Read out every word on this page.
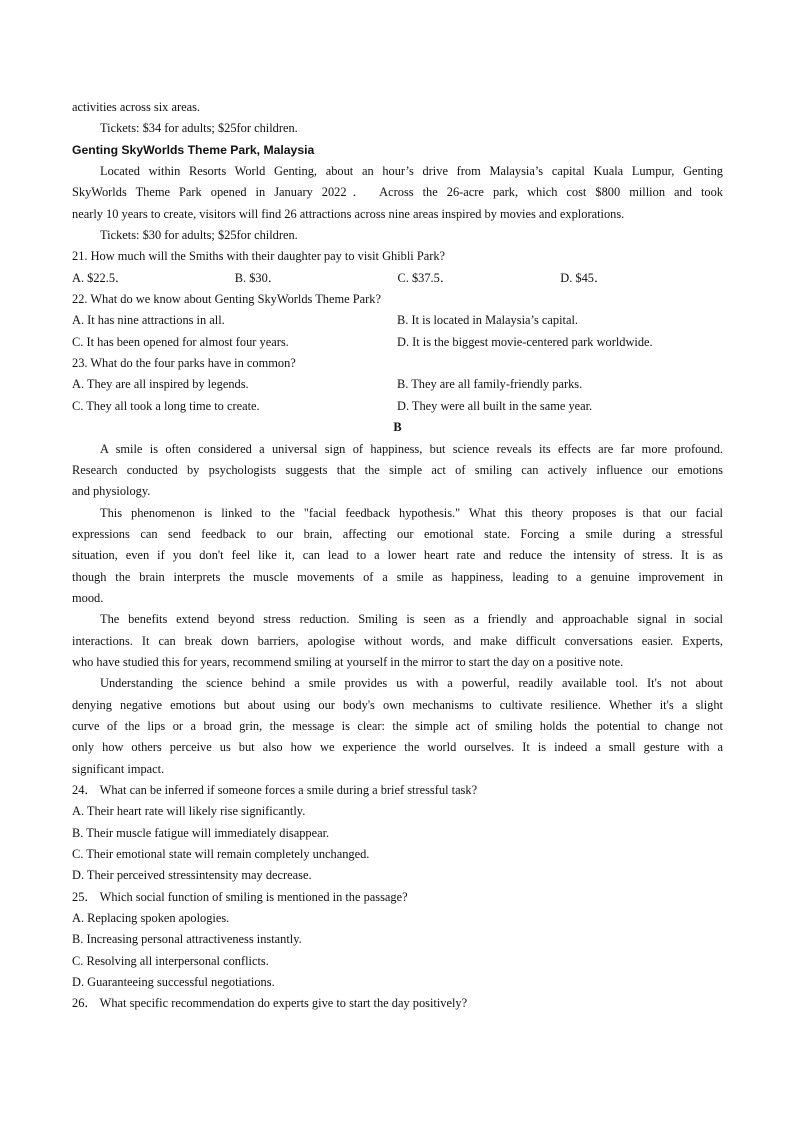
activities across six areas.
Tickets: $34 for adults; $25for children.
Genting SkyWorlds Theme Park, Malaysia
Located within Resorts World Genting, about an hour’s drive from Malaysia’s capital Kuala Lumpur, Genting
SkyWorlds Theme Park opened in January 2022． Across the 26-acre park, which cost $800 million and took
nearly 10 years to create, visitors will find 26 attractions across nine areas inspired by movies and explorations.
Tickets: $30 for adults; $25for children.
21. How much will the Smiths with their daughter pay to visit Ghibli Park?
A. $22.5．	B. $30．	C. $37.5．	D. $45．
22. What do we know about Genting SkyWorlds Theme Park?
A. It has nine attractions in all.	B. It is located in Malaysia’s capital.
C. It has been opened for almost four years.	D. It is the biggest movie-centered park worldwide.
23. What do the four parks have in common?
A. They are all inspired by legends.	B. They are all family-friendly parks.
C. They all took a long time to create.	D. They were all built in the same year.
B
A smile is often considered a universal sign of happiness, but science reveals its effects are far more profound.
Research conducted by psychologists suggests that the simple act of smiling can actively influence our emotions
and physiology.
This phenomenon is linked to the "facial feedback hypothesis." What this theory proposes is that our facial
expressions can send feedback to our brain, affecting our emotional state. Forcing a smile during a stressful
situation, even if you don't feel like it, can lead to a lower heart rate and reduce the intensity of stress. It is as
though the brain interprets the muscle movements of a smile as happiness, leading to a genuine improvement in
mood.
The benefits extend beyond stress reduction. Smiling is seen as a friendly and approachable signal in social
interactions. It can break down barriers, apologise without words, and make difficult conversations easier. Experts,
who have studied this for years, recommend smiling at yourself in the mirror to start the day on a positive note.
Understanding the science behind a smile provides us with a powerful, readily available tool. It's not about
denying negative emotions but about using our body's own mechanisms to cultivate resilience. Whether it's a slight
curve of the lips or a broad grin, the message is clear: the simple act of smiling holds the potential to change not
only how others perceive us but also how we experience the world ourselves. It is indeed a small gesture with a
significant impact.
24． What can be inferred if someone forces a smile during a brief stressful task?
A. Their heart rate will likely rise significantly.
B. Their muscle fatigue will immediately disappear.
C. Their emotional state will remain completely unchanged.
D. Their perceived stressintensity may decrease.
25． Which social function of smiling is mentioned in the passage?
A. Replacing spoken apologies.
B. Increasing personal attractiveness instantly.
C. Resolving all interpersonal conflicts.
D. Guaranteeing successful negotiations.
26． What specific recommendation do experts give to start the day positively?
